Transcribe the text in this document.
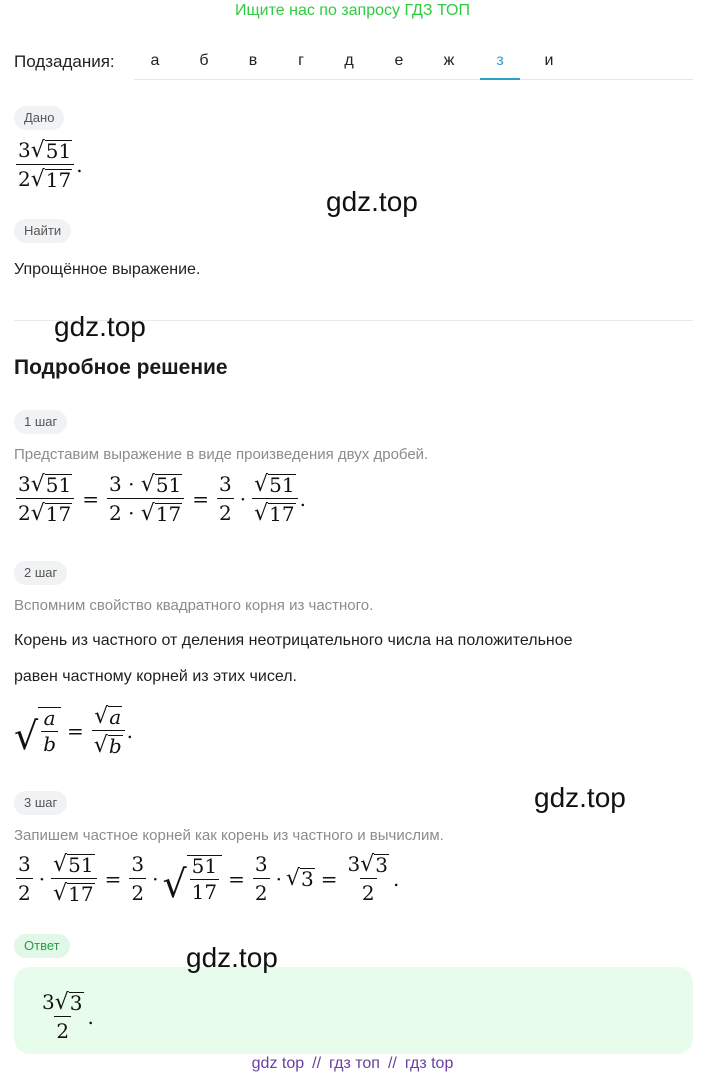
Ищите нас по запросу ГДЗ ТОП
Подзадания:	а	б	в	г	д	е	ж	з	и
Дано
$\frac{3 √ 51}{2 √ 17}$ .
Найти
Упрощённое выражение.
Подробное решение
1 шаг
Представим выражение в виде произведения двух дробей.
$\frac{3 √ 51}{2 √ 17} = \frac{3 \cdot √ 51}{2 \cdot √ 17} = \frac{3}{2} \cdot \frac{√ 51}{√ 17}$ .
2 шаг
Вспомним свойство квадратного корня из частного.
Корень из частного от деления неотрицательного числа на положительное
равен частному корней из этих чисел.
√ $\frac{a}{b} = \frac{√ a}{√ b}$ .
3 шаг
Запишем частное корней как корень из частного и вычислим.
$\frac{3}{2} \cdot \frac{√ 51}{√ 17} = \frac{3}{2}$ · √ $\frac{51}{17} = \frac{3}{2}$ · √ $3 = \frac{3 √ 3}{2}$ .
Ответ
$\frac{3 √ 3}{2}$ .
gdz.top
gdz.top
gdz.top
gdz.top
gdz top // гдз топ // гдз top
